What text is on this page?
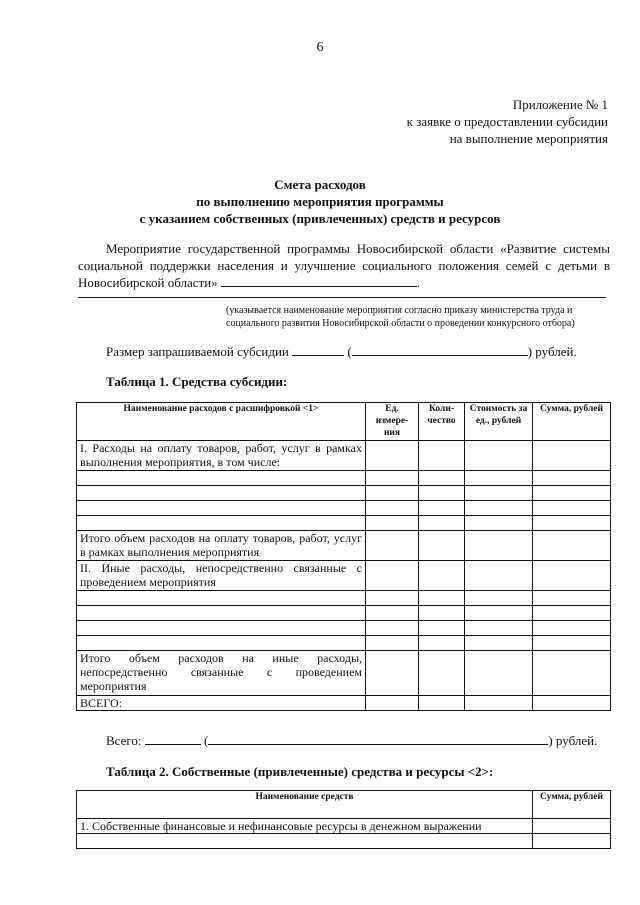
6
Приложение № 1
к заявке о предоставлении субсидии
на выполнение мероприятия
Смета расходов
по выполнению мероприятия программы
с указанием собственных (привлеченных) средств и ресурсов
Мероприятие государственной программы Новосибирской области «Развитие системы социальной поддержки населения и улучшение социального положения семей с детьми в Новосибирской области»	.
(указывается наименование мероприятия согласно приказу министерства труда и
социального развития Новосибирской области о проведении конкурсного отбора)
Размер запрашиваемой субсидии	(	) рублей.
Таблица 1. Средства субсидии:
Наименование расходов с расшифровкой <1>	Ед. измере-ния	Коли-чество	Стоимость за ед., рублей	Сумма, рублей
I. Расходы на оплату товаров, работ, услуг в рамках выполнения мероприятия, в том числе:				

Итого объем расходов на оплату товаров, работ, услуг в рамках выполнения мероприятия				
II. Иные расходы, непосредственно связанные с проведением мероприятия				

Итого объем расходов на иные расходы, непосредственно связанные с проведением мероприятия				
ВСЕГО:				
Всего:	(	) рублей.
Таблица 2. Собственные (привлеченные) средства и ресурсы <2>:
Наименование средств	Сумма, рублей
1. Собственные финансовые и нефинансовые ресурсы в денежном выражении	
